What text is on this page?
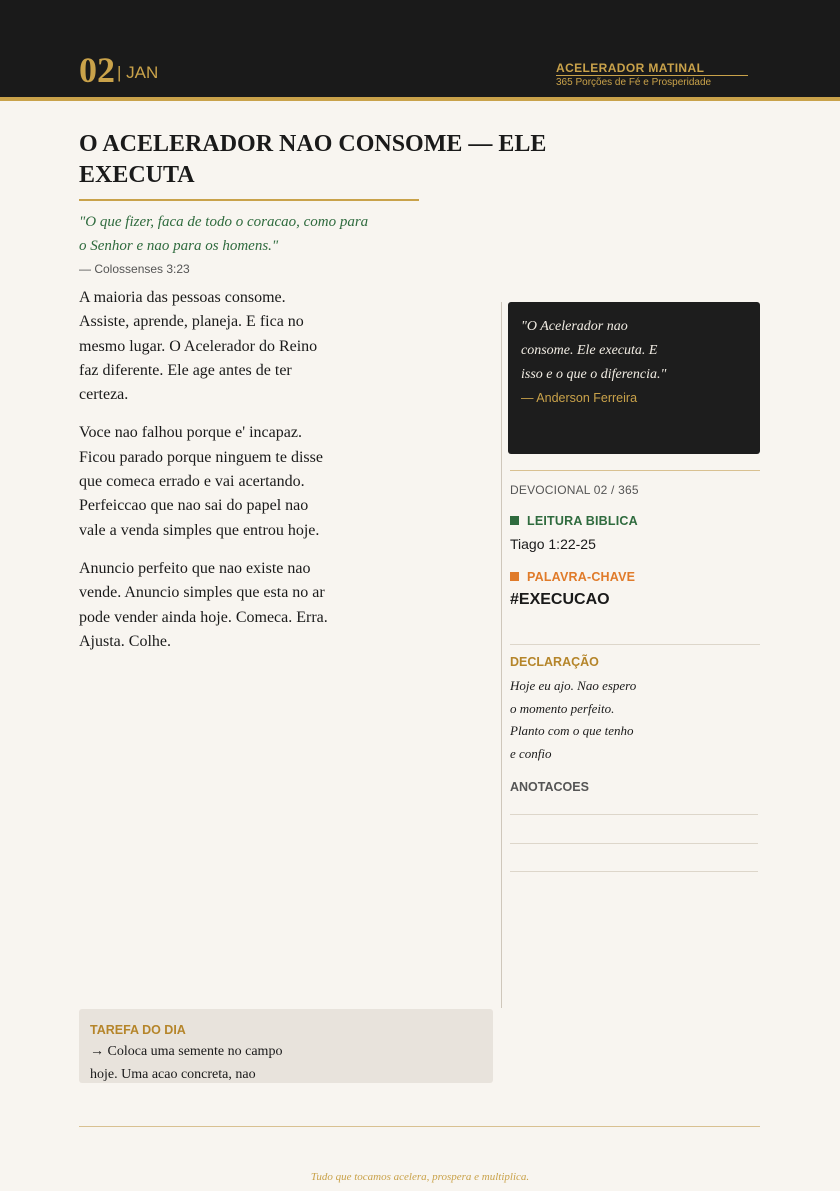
02 | JAN	ACELERADOR MATINAL
365 Porções de Fé e Prosperidade
O ACELERADOR NAO CONSOME — ELE EXECUTA
"O que fizer, faca de todo o coracao, como para o Senhor e nao para os homens."
— Colossenses 3:23

A maioria das pessoas consome. Assiste, aprende, planeja. E fica no mesmo lugar. O Acelerador do Reino faz diferente. Ele age antes de ter certeza.

Voce nao falhou porque e' incapaz. Ficou parado porque ninguem te disse que comeca errado e vai acertando. Perfeiccao que nao sai do papel nao vale a venda simples que entrou hoje.

Anuncio perfeito que nao existe nao vende. Anuncio simples que esta no ar pode vender ainda hoje. Comeca. Erra. Ajusta. Colhe.

"O Acelerador nao consome. Ele executa. E isso e o que o diferencia."
— Anderson Ferreira
DEVOCIONAL 02 / 365
LEITURA BIBLICA
Tiago 1:22-25
PALAVRA-CHAVE
#EXECUCAO
DECLARAÇÃO
Hoje eu ajo. Nao espero o momento perfeito. Planto com o que tenho e confio
ANOTACOES
TAREFA DO DIA
→ Coloca uma semente no campo hoje. Uma acao concreta, nao
Tudo que tocamos acelera, prospera e multiplica.
